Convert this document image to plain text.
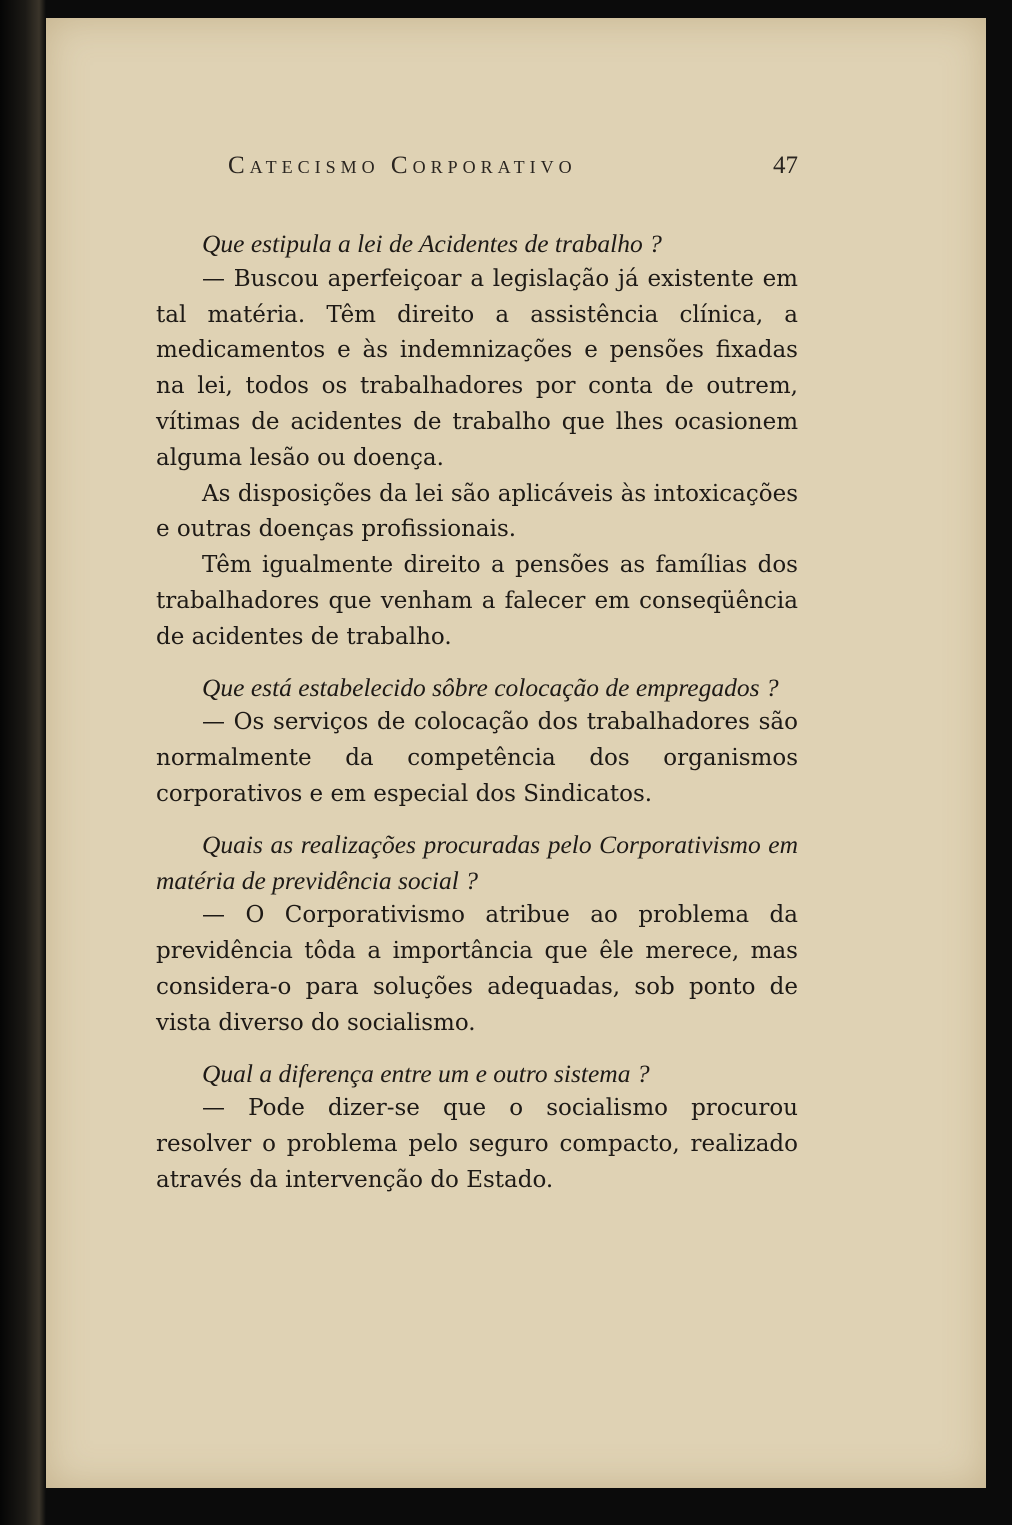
Catecismo Corporativo	47

Que estipula a lei de Acidentes de trabalho ?

— Buscou aperfeiçoar a legislação já existente em tal matéria. Têm direito a assistência clínica, a medicamentos e às indemnizações e pensões fixadas na lei, todos os trabalhadores por conta de outrem, vítimas de acidentes de trabalho que lhes ocasionem alguma lesão ou doença.

As disposições da lei são aplicáveis às intoxicações e outras doenças profissionais.

Têm igualmente direito a pensões as famílias dos trabalhadores que venham a falecer em conseqüência de acidentes de trabalho.

Que está estabelecido sôbre colocação de empregados ?

— Os serviços de colocação dos trabalhadores são normalmente da competência dos organismos corporativos e em especial dos Sindicatos.

Quais as realizações procuradas pelo Corporativismo em matéria de previdência social ?

— O Corporativismo atribue ao problema da previdência tôda a importância que êle merece, mas considera-o para soluções adequadas, sob ponto de vista diverso do socialismo.

Qual a diferença entre um e outro sistema ?

— Pode dizer-se que o socialismo procurou resolver o problema pelo seguro compacto, realizado através da intervenção do Estado.
